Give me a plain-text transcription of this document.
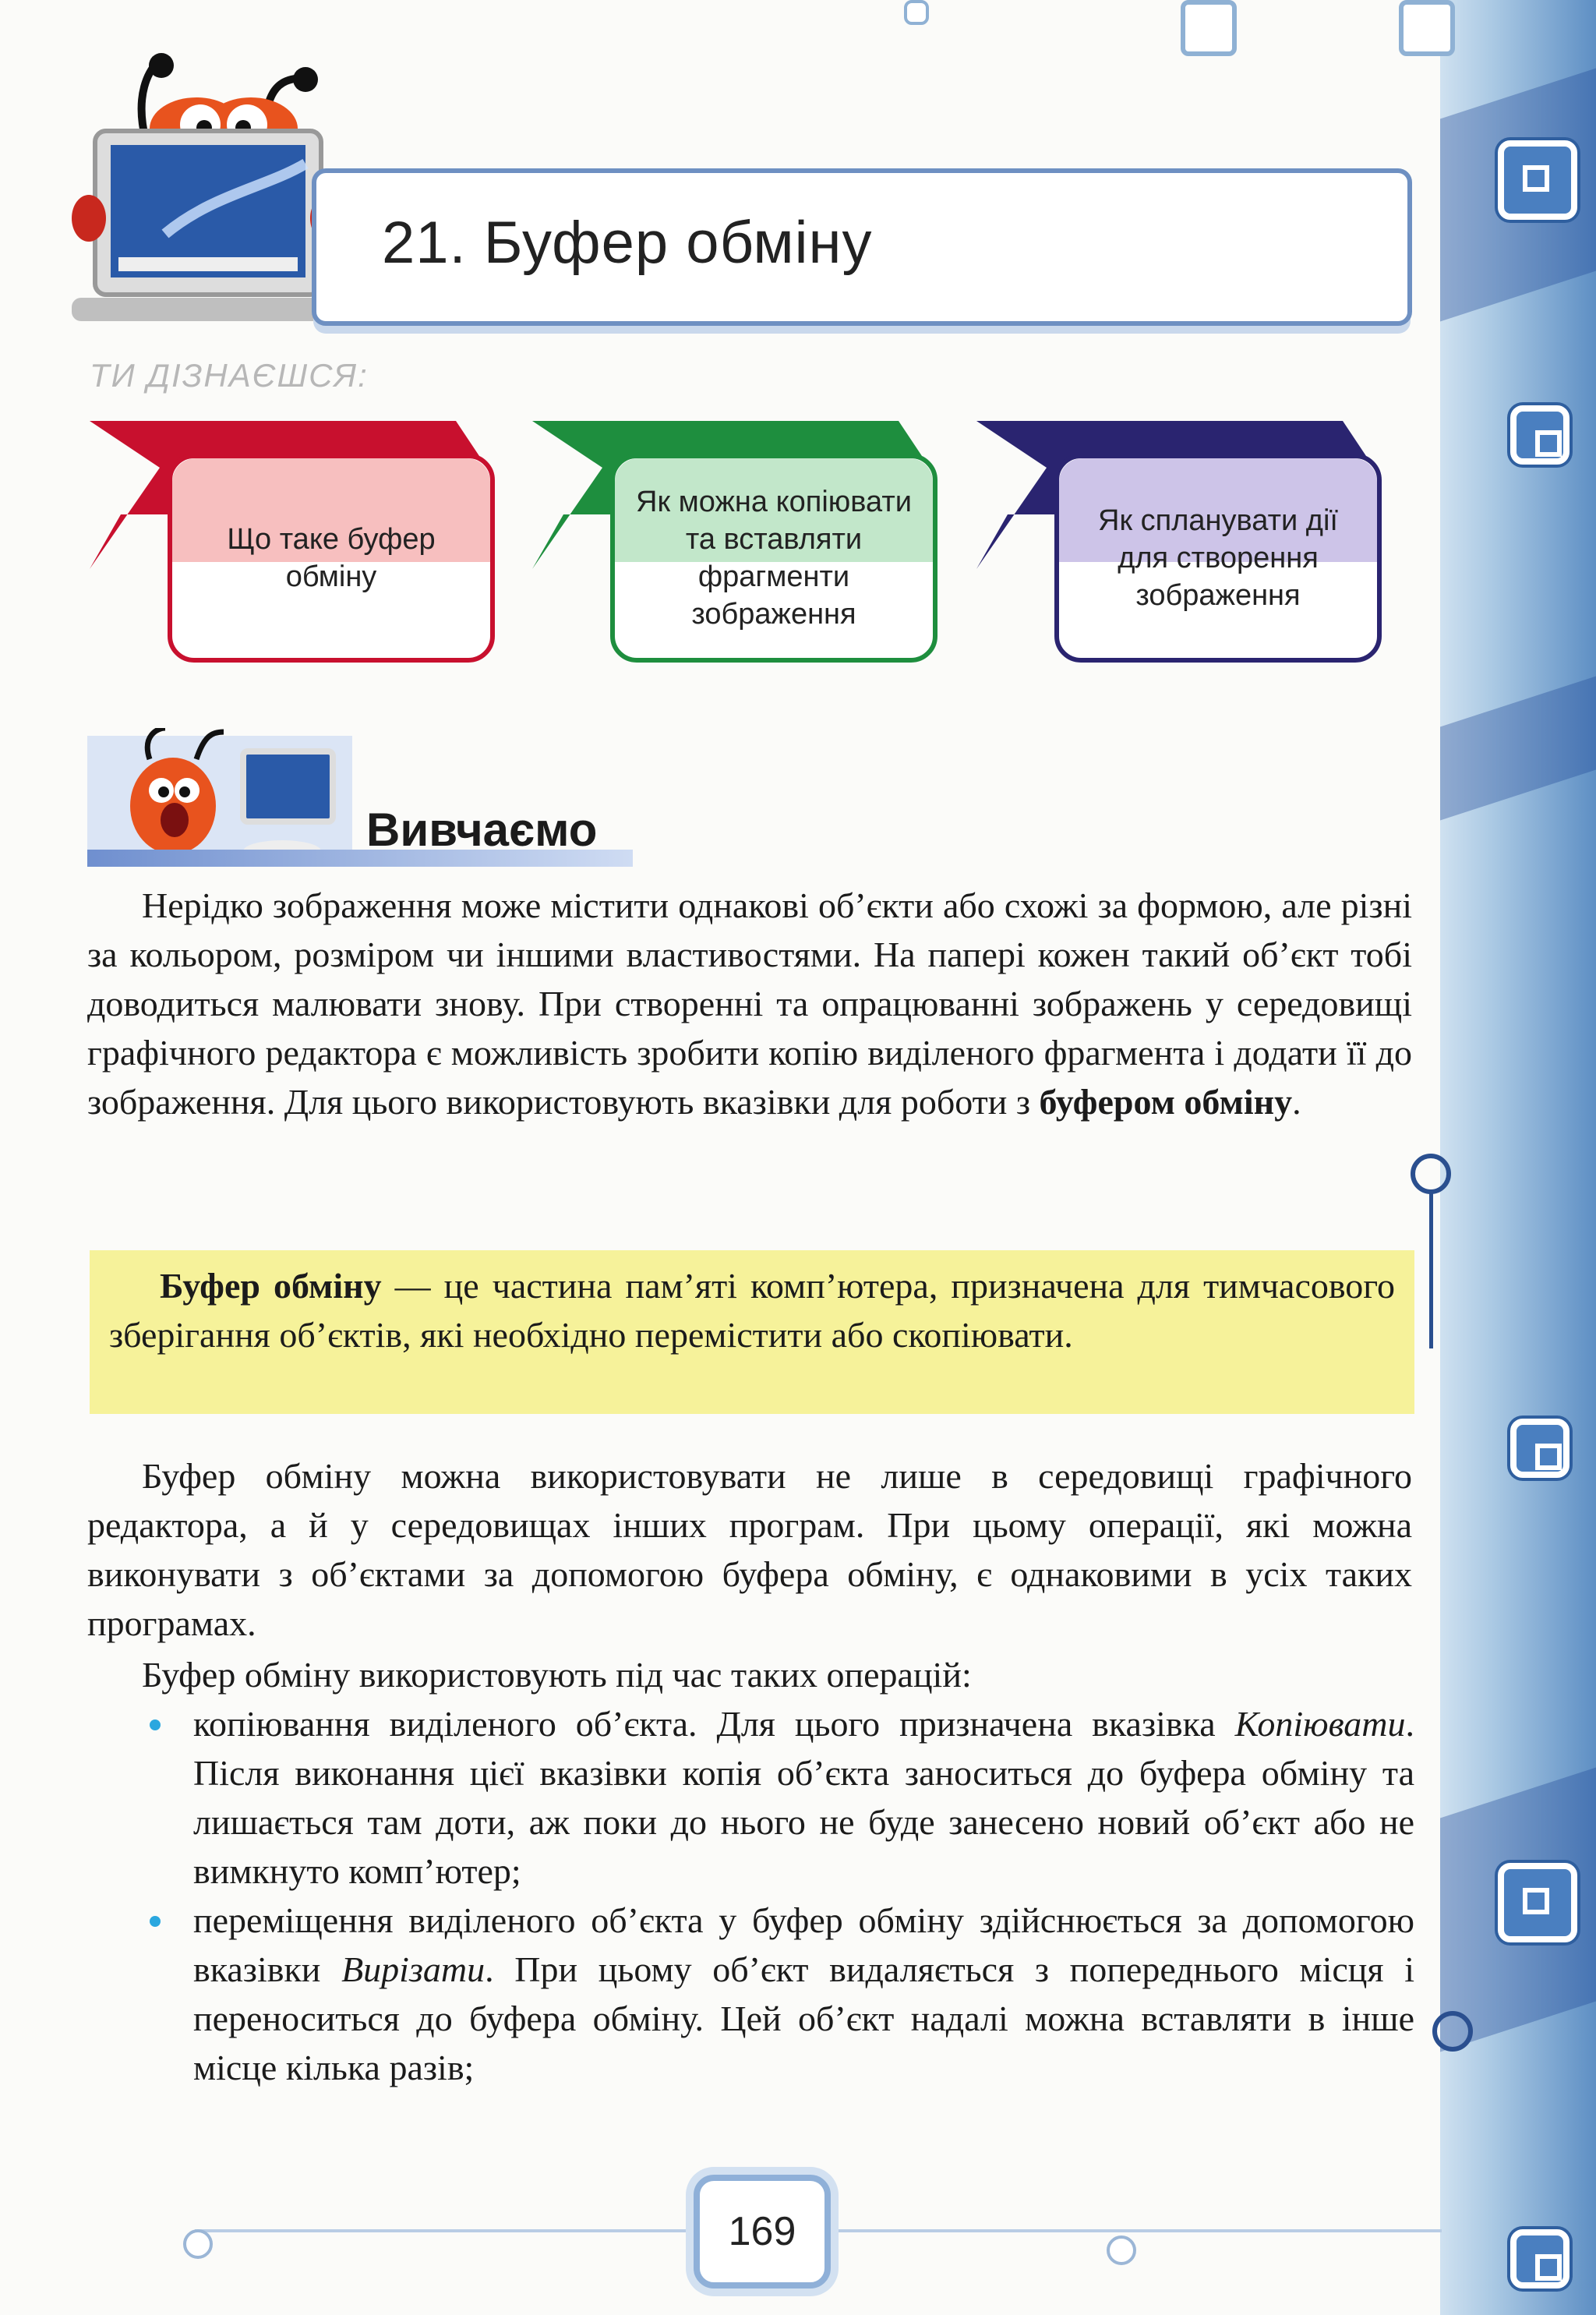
21. Буфер обміну
ТИ ДІЗНАЄШСЯ:
Що таке буфер обміну
Як можна копіювати та вставляти фрагменти зображення
Як спланувати дії для створення зображення
Вивчаємо

Нерідко зображення може містити однакові об’єкти або схожі за формою, але різні за кольором, розміром чи іншими властивостями. На папері кожен такий об’єкт тобі доводиться малювати знову. При створенні та опрацюванні зображень у середовищі графічного редактора є можливість зробити копію виділеного фрагмента і додати її до зображення. Для цього використовують вказівки для роботи з буфером обміну.

Буфер обміну — це частина пам’яті комп’ютера, призначена для тимчасового зберігання об’єктів, які необхідно перемістити або скопіювати.

Буфер обміну можна використовувати не лише в середовищі графічного редактора, а й у середовищах інших програм. При цьому операції, які можна виконувати з об’єктами за допомогою буфера обміну, є однаковими в усіх таких програмах.

Буфер обміну використовують під час таких операцій:

копіювання виділеного об’єкта. Для цього призначена вказівка Копіювати. Після виконання цієї вказівки копія об’єкта заноситься до буфера обміну та лишається там доти, аж поки до нього не буде занесено новий об’єкт або не вимкнуто комп’ютер;
переміщення виділеного об’єкта у буфер обміну здійснюється за допомогою вказівки Вирізати. При цьому об’єкт видаляється з попереднього місця і переноситься до буфера обміну. Цей об’єкт надалі можна вставляти в інше місце кілька разів;
169
